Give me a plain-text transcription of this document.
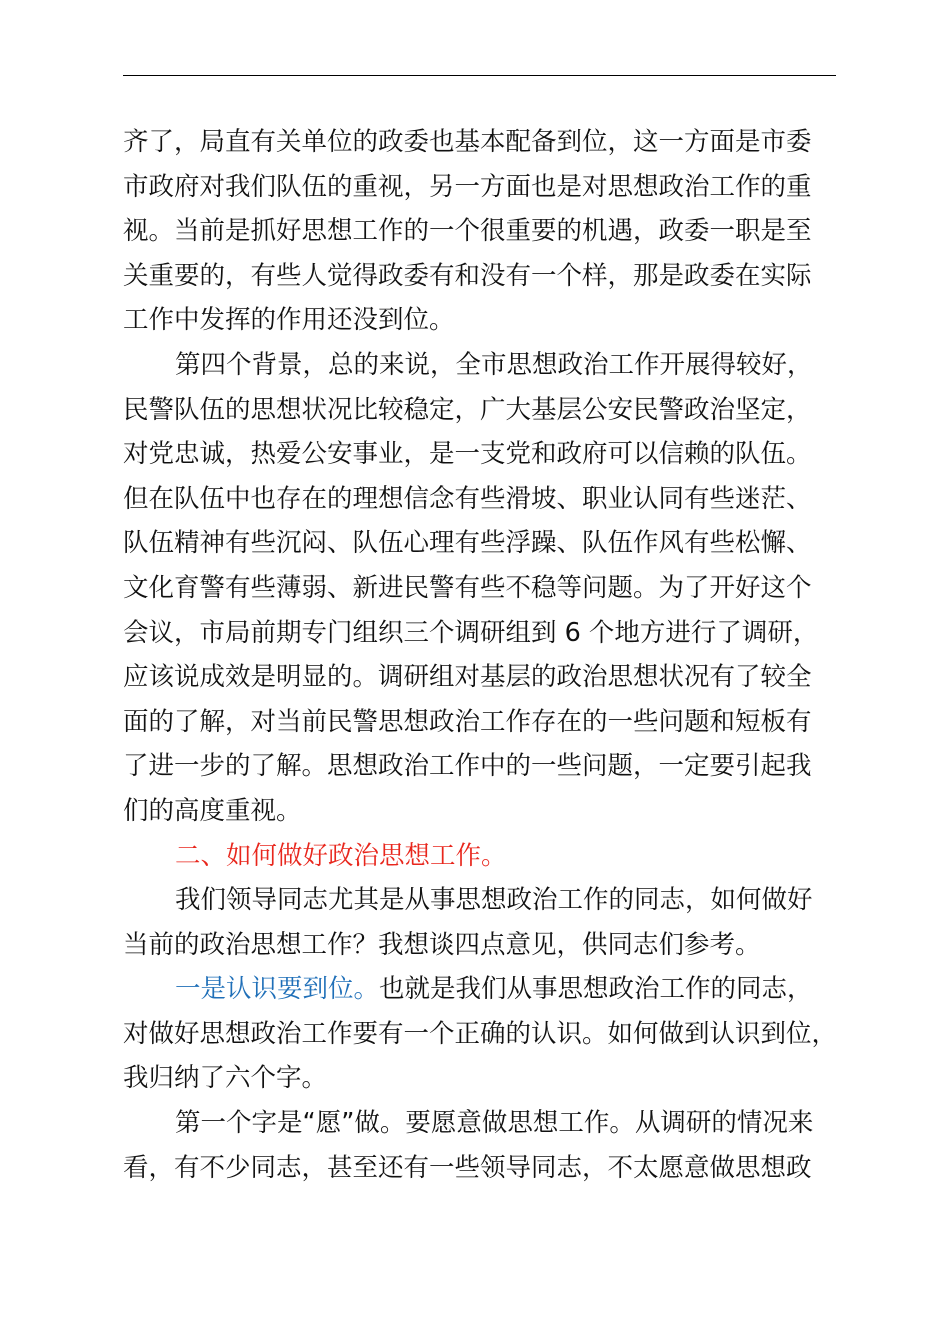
齐了，局直有关单位的政委也基本配备到位，这一方面是市委
市政府对我们队伍的重视，另一方面也是对思想政治工作的重
视。当前是抓好思想工作的一个很重要的机遇，政委一职是至
关重要的，有些人觉得政委有和没有一个样，那是政委在实际
工作中发挥的作用还没到位。
第四个背景，总的来说，全市思想政治工作开展得较好，
民警队伍的思想状况比较稳定，广大基层公安民警政治坚定，
对党忠诚，热爱公安事业，是一支党和政府可以信赖的队伍。
但在队伍中也存在的理想信念有些滑坡、职业认同有些迷茫、
队伍精神有些沉闷、队伍心理有些浮躁、队伍作风有些松懈、
文化育警有些薄弱、新进民警有些不稳等问题。为了开好这个
会议，市局前期专门组织三个调研组到 6 个地方进行了调研，
应该说成效是明显的。调研组对基层的政治思想状况有了较全
面的了解，对当前民警思想政治工作存在的一些问题和短板有
了进一步的了解。思想政治工作中的一些问题，一定要引起我
们的高度重视。
二、如何做好政治思想工作。
我们领导同志尤其是从事思想政治工作的同志，如何做好
当前的政治思想工作？我想谈四点意见，供同志们参考。
一是认识要到位。也就是我们从事思想政治工作的同志，
对做好思想政治工作要有一个正确的认识。如何做到认识到位，
我归纳了六个字。
第一个字是“愿”做。要愿意做思想工作。从调研的情况来
看，有不少同志，甚至还有一些领导同志，不太愿意做思想政
